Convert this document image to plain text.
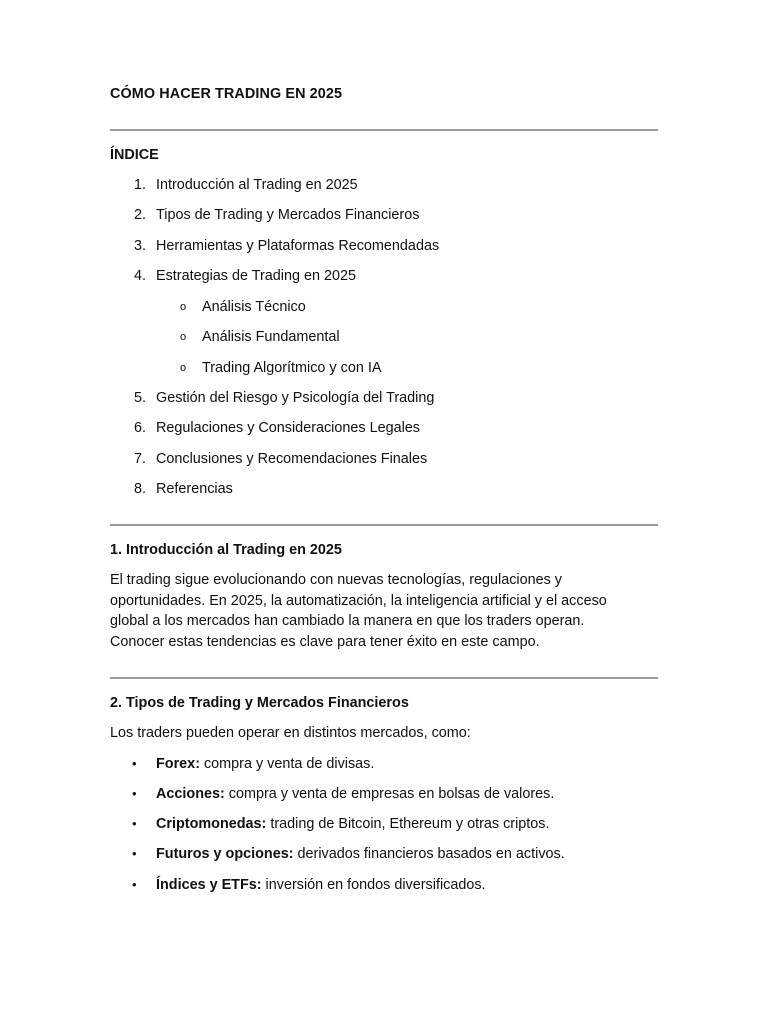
CÓMO HACER TRADING EN 2025
ÍNDICE
1. Introducción al Trading en 2025
2. Tipos de Trading y Mercados Financieros
3. Herramientas y Plataformas Recomendadas
4. Estrategias de Trading en 2025
o Análisis Técnico
o Análisis Fundamental
o Trading Algorítmico y con IA
5. Gestión del Riesgo y Psicología del Trading
6. Regulaciones y Consideraciones Legales
7. Conclusiones y Recomendaciones Finales
8. Referencias
1. Introducción al Trading en 2025
El trading sigue evolucionando con nuevas tecnologías, regulaciones y
oportunidades. En 2025, la automatización, la inteligencia artificial y el acceso
global a los mercados han cambiado la manera en que los traders operan.
Conocer estas tendencias es clave para tener éxito en este campo.
2. Tipos de Trading y Mercados Financieros
Los traders pueden operar en distintos mercados, como:
• Forex: compra y venta de divisas.
• Acciones: compra y venta de empresas en bolsas de valores.
• Criptomonedas: trading de Bitcoin, Ethereum y otras criptos.
• Futuros y opciones: derivados financieros basados en activos.
• Índices y ETFs: inversión en fondos diversificados.
